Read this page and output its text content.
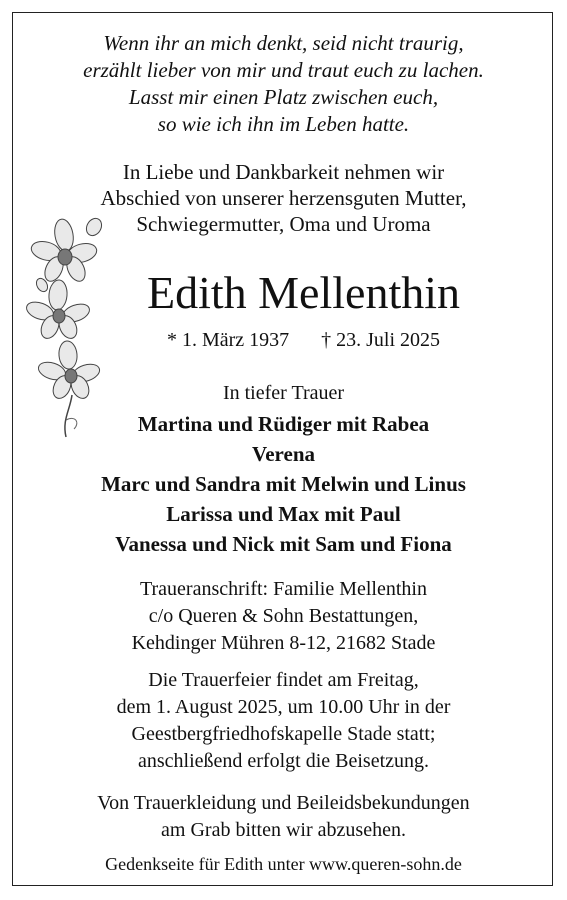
Wenn ihr an mich denkt, seid nicht traurig,
erzählt lieber von mir und traut euch zu lachen.
Lasst mir einen Platz zwischen euch,
so wie ich ihn im Leben hatte.
In Liebe und Dankbarkeit nehmen wir
Abschied von unserer herzensguten Mutter,
Schwiegermutter, Oma und Uroma
Edith Mellenthin
* 1. März 1937 † 23. Juli 2025
In tiefer Trauer
Martina und Rüdiger mit Rabea
Verena
Marc und Sandra mit Melwin und Linus
Larissa und Max mit Paul
Vanessa und Nick mit Sam und Fiona
Traueranschrift: Familie Mellenthin
c/o Queren & Sohn Bestattungen,
Kehdinger Mühren 8-12, 21682 Stade
Die Trauerfeier findet am Freitag,
dem 1. August 2025, um 10.00 Uhr in der
Geestbergfriedhofskapelle Stade statt;
anschließend erfolgt die Beisetzung.
Von Trauerkleidung und Beileidsbekundungen
am Grab bitten wir abzusehen.
Gedenkseite für Edith unter www.queren-sohn.de
